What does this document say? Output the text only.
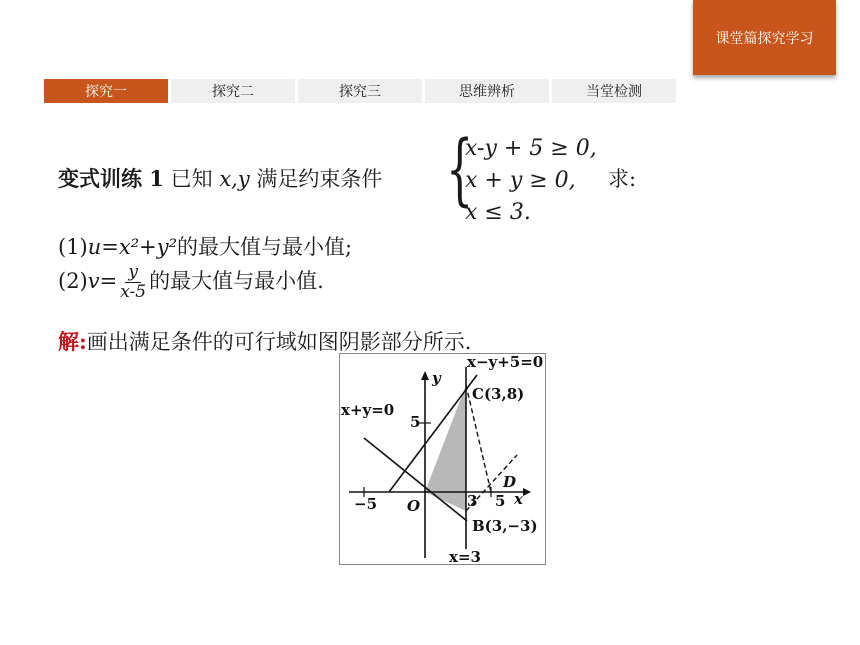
课堂篇探究学习
探究一	探究二	探究三	思维辨析	当堂检测
变式训练 1 已知 x,y 满足约束条件 {
x-y + 5 ≥ 0,
x + y ≥ 0,
x ≤ 3.
求:
(1)u=x²+y²的最大值与最小值;
$(2)v= \frac{y}{x-5}$ 的最大值与最小值.
解:画出满足条件的可行域如图阴影部分所示.
x−y+5=0
C(3,8)
x+y=0
y
5
D
−5 O	3 5 x
B(3,−3)
x=3
